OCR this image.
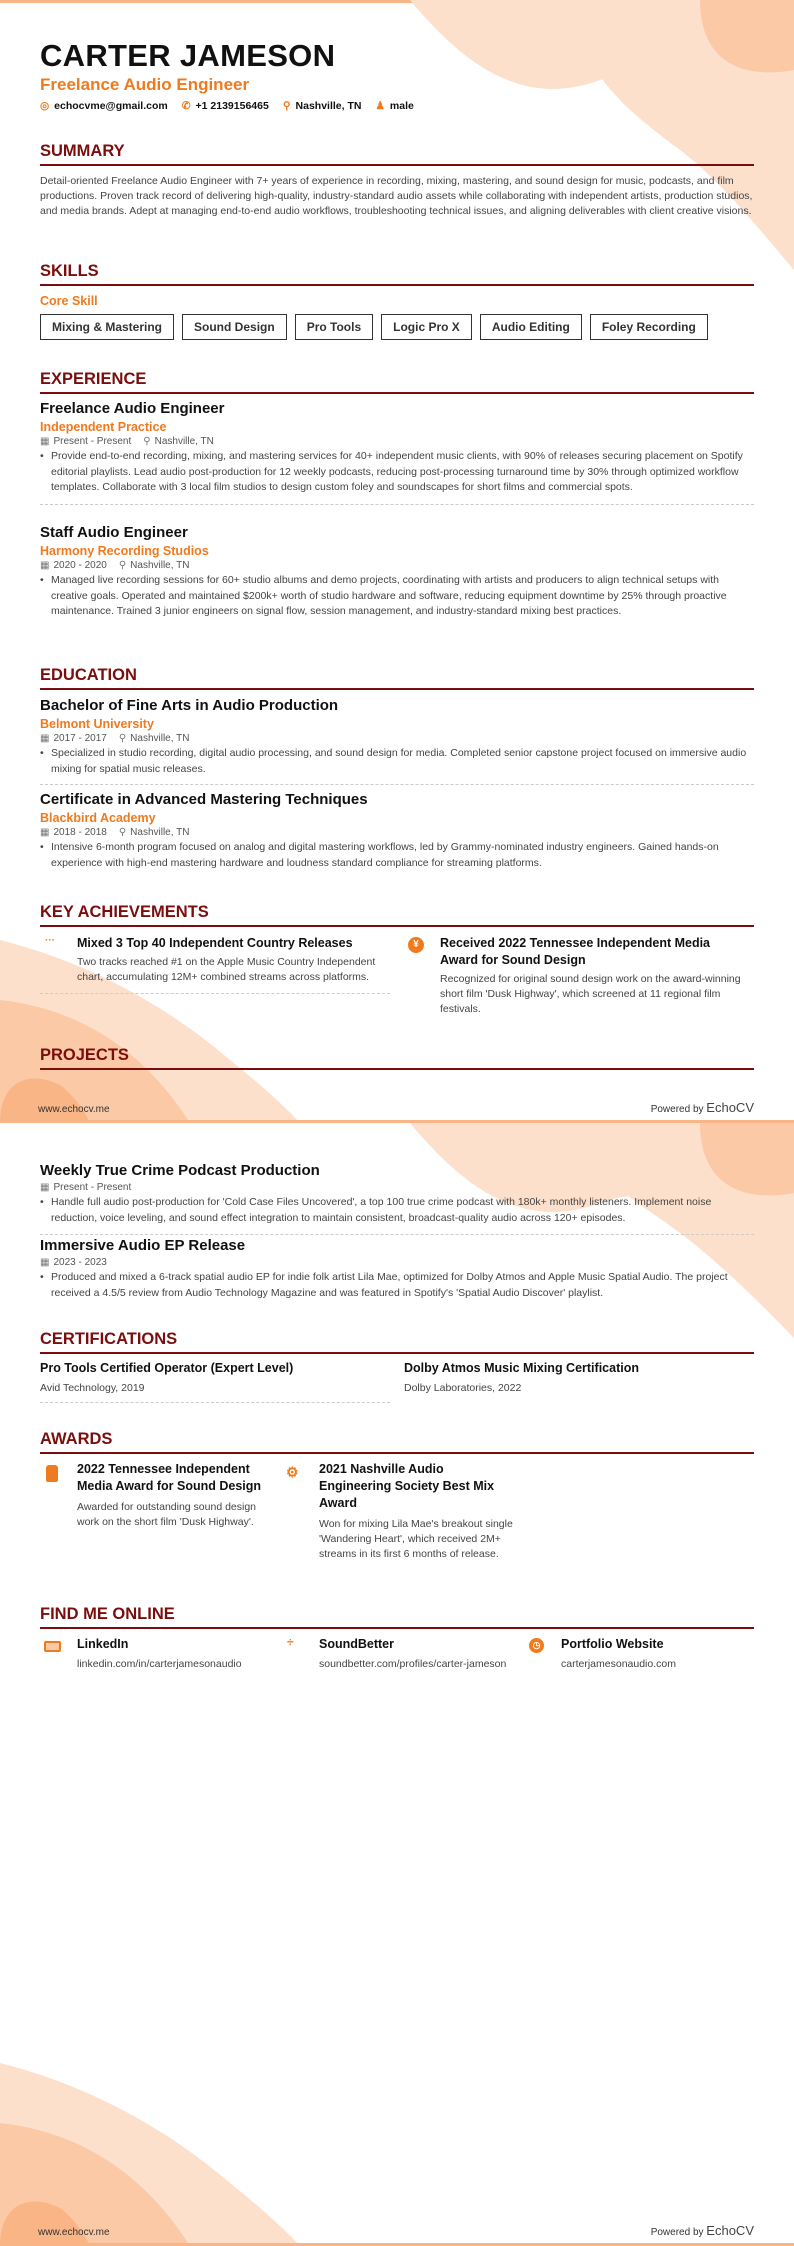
CARTER JAMESON
Freelance Audio Engineer
◎ echocvme@gmail.com ✆ +1 2139156465 ⚲ Nashville, TN ♟ male
SUMMARY
Detail-oriented Freelance Audio Engineer with 7+ years of experience in recording, mixing, mastering, and sound design for music, podcasts, and film productions. Proven track record of delivering high-quality, industry-standard audio assets while collaborating with independent artists, production studios, and media brands. Adept at managing end-to-end audio workflows, troubleshooting technical issues, and aligning deliverables with client creative visions.
SKILLS
Core Skill
Mixing & Mastering	Sound Design	Pro Tools	Logic Pro X	Audio Editing	Foley Recording
EXPERIENCE
Freelance Audio Engineer
Independent Practice
▦ Present - Present ⚲ Nashville, TN
• Provide end-to-end recording, mixing, and mastering services for 40+ independent music clients, with 90% of releases securing placement on Spotify editorial playlists. Lead audio post-production for 12 weekly podcasts, reducing post-processing turnaround time by 30% through optimized workflow templates. Collaborate with 3 local film studios to design custom foley and soundscapes for short films and commercial spots.
Staff Audio Engineer
Harmony Recording Studios
▦ 2020 - 2020 ⚲ Nashville, TN
• Managed live recording sessions for 60+ studio albums and demo projects, coordinating with artists and producers to align technical setups with creative goals. Operated and maintained $200k+ worth of studio hardware and software, reducing equipment downtime by 25% through proactive maintenance. Trained 3 junior engineers on signal flow, session management, and industry-standard mixing best practices.
EDUCATION
Bachelor of Fine Arts in Audio Production
Belmont University
▦ 2017 - 2017 ⚲ Nashville, TN
• Specialized in studio recording, digital audio processing, and sound design for media. Completed senior capstone project focused on immersive audio mixing for spatial music releases.
Certificate in Advanced Mastering Techniques
Blackbird Academy
▦ 2018 - 2018 ⚲ Nashville, TN
• Intensive 6-month program focused on analog and digital mastering workflows, led by Grammy-nominated industry engineers. Gained hands-on experience with high-end mastering hardware and loudness standard compliance for streaming platforms.
KEY ACHIEVEMENTS
··· Mixed 3 Top 40 Independent Country Releases
Two tracks reached #1 on the Apple Music Country Independent chart, accumulating 12M+ combined streams across platforms.
¥	Received 2022 Tennessee Independent Media Award for Sound Design
Recognized for original sound design work on the award-winning short film 'Dusk Highway', which screened at 11 regional film festivals.
PROJECTS
www.echocv.me	Powered by EchoCV
Weekly True Crime Podcast Production
▦ Present - Present
• Handle full audio post-production for 'Cold Case Files Uncovered', a top 100 true crime podcast with 180k+ monthly listeners. Implement noise reduction, voice leveling, and sound effect integration to maintain consistent, broadcast-quality audio across 120+ episodes.
Immersive Audio EP Release
▦ 2023 - 2023
• Produced and mixed a 6-track spatial audio EP for indie folk artist Lila Mae, optimized for Dolby Atmos and Apple Music Spatial Audio. The project received a 4.5/5 review from Audio Technology Magazine and was featured in Spotify's 'Spatial Audio Discover' playlist.
CERTIFICATIONS
Pro Tools Certified Operator (Expert Level)
Avid Technology, 2019
Dolby Atmos Music Mixing Certification
Dolby Laboratories, 2022
AWARDS
2022 Tennessee Independent Media Award for Sound Design
Awarded for outstanding sound design work on the short film 'Dusk Highway'.
⚙ 2021 Nashville Audio Engineering Society Best Mix Award
Won for mixing Lila Mae's breakout single 'Wandering Heart', which received 2M+ streams in its first 6 months of release.
FIND ME ONLINE
LinkedIn
linkedin.com/in/carterjamesonaudio
÷ SoundBetter
soundbetter.com/profiles/carter-jameson
◷ Portfolio Website
carterjamesonaudio.com
www.echocv.me	Powered by EchoCV
